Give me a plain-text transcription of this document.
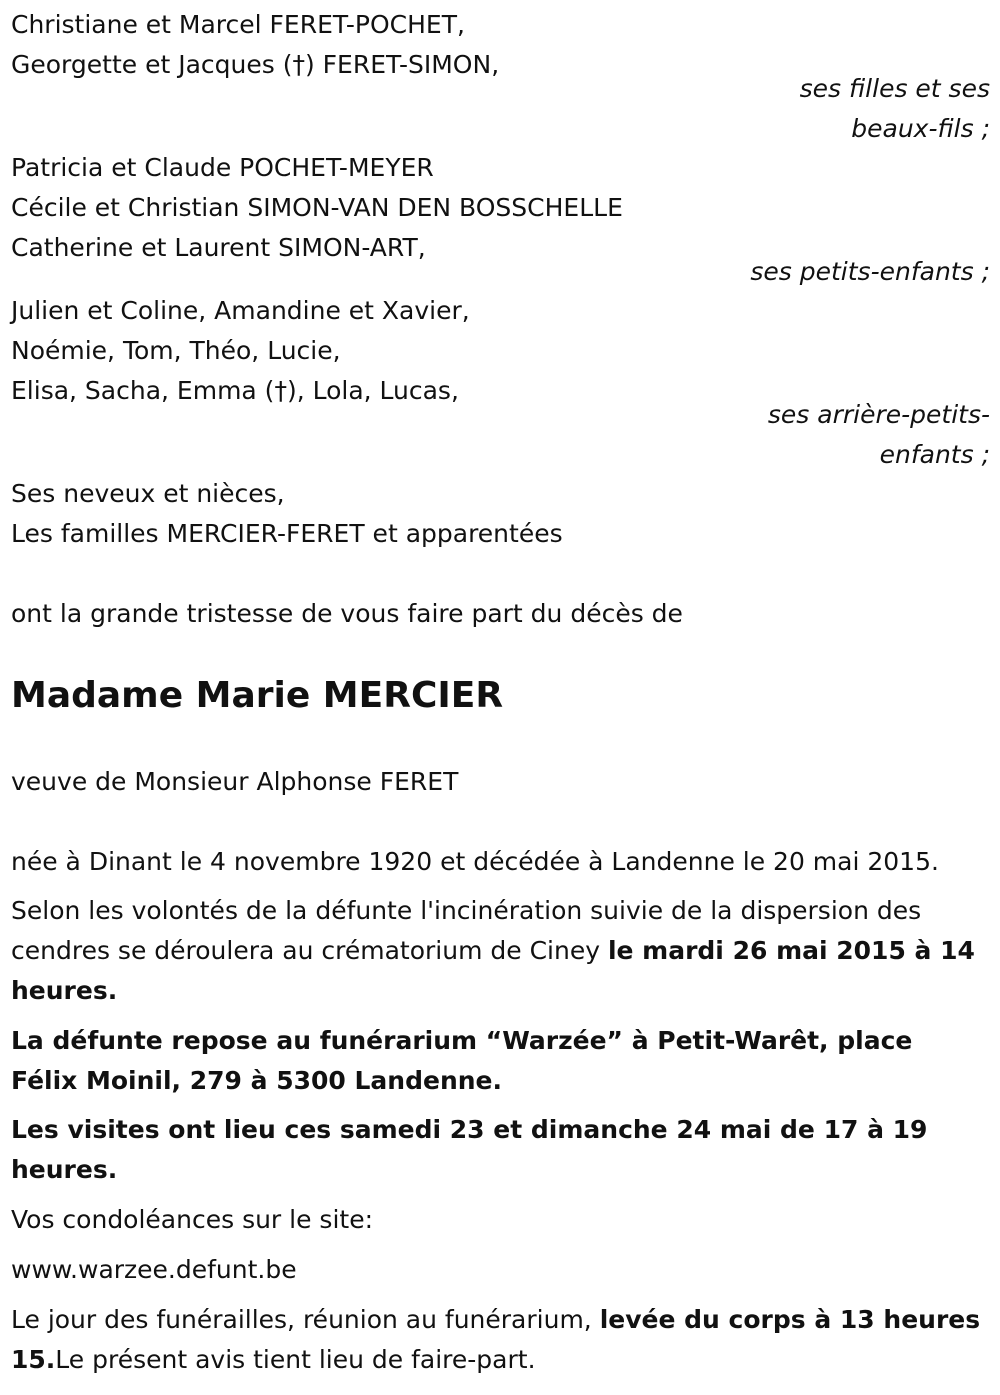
Christiane et Marcel FERET-POCHET,
Georgette et Jacques (†) FERET-SIMON,
ses filles et ses
beaux-fils ;
Patricia et Claude POCHET-MEYER
Cécile et Christian SIMON-VAN DEN BOSSCHELLE
Catherine et Laurent SIMON-ART,
ses petits-enfants ;
Julien et Coline, Amandine et Xavier,
Noémie, Tom, Théo, Lucie,
Elisa, Sacha, Emma (†), Lola, Lucas,
ses arrière-petits-
enfants ;
Ses neveux et nièces,
Les familles MERCIER-FERET et apparentées
ont la grande tristesse de vous faire part du décès de
Madame Marie MERCIER
veuve de Monsieur Alphonse FERET
née à Dinant le 4 novembre 1920 et décédée à Landenne le 20 mai 2015.
Selon les volontés de la défunte l'incinération suivie de la dispersion des cendres se déroulera au crématorium de Ciney le mardi 26 mai 2015 à 14 heures.
La défunte repose au funérarium “Warzée” à Petit-Warêt, place Félix Moinil, 279 à 5300 Landenne.
Les visites ont lieu ces samedi 23 et dimanche 24 mai de 17 à 19 heures.
Vos condoléances sur le site:
www.warzee.defunt.be
Le jour des funérailles, réunion au funérarium, levée du corps à 13 heures 15.Le présent avis tient lieu de faire-part.
